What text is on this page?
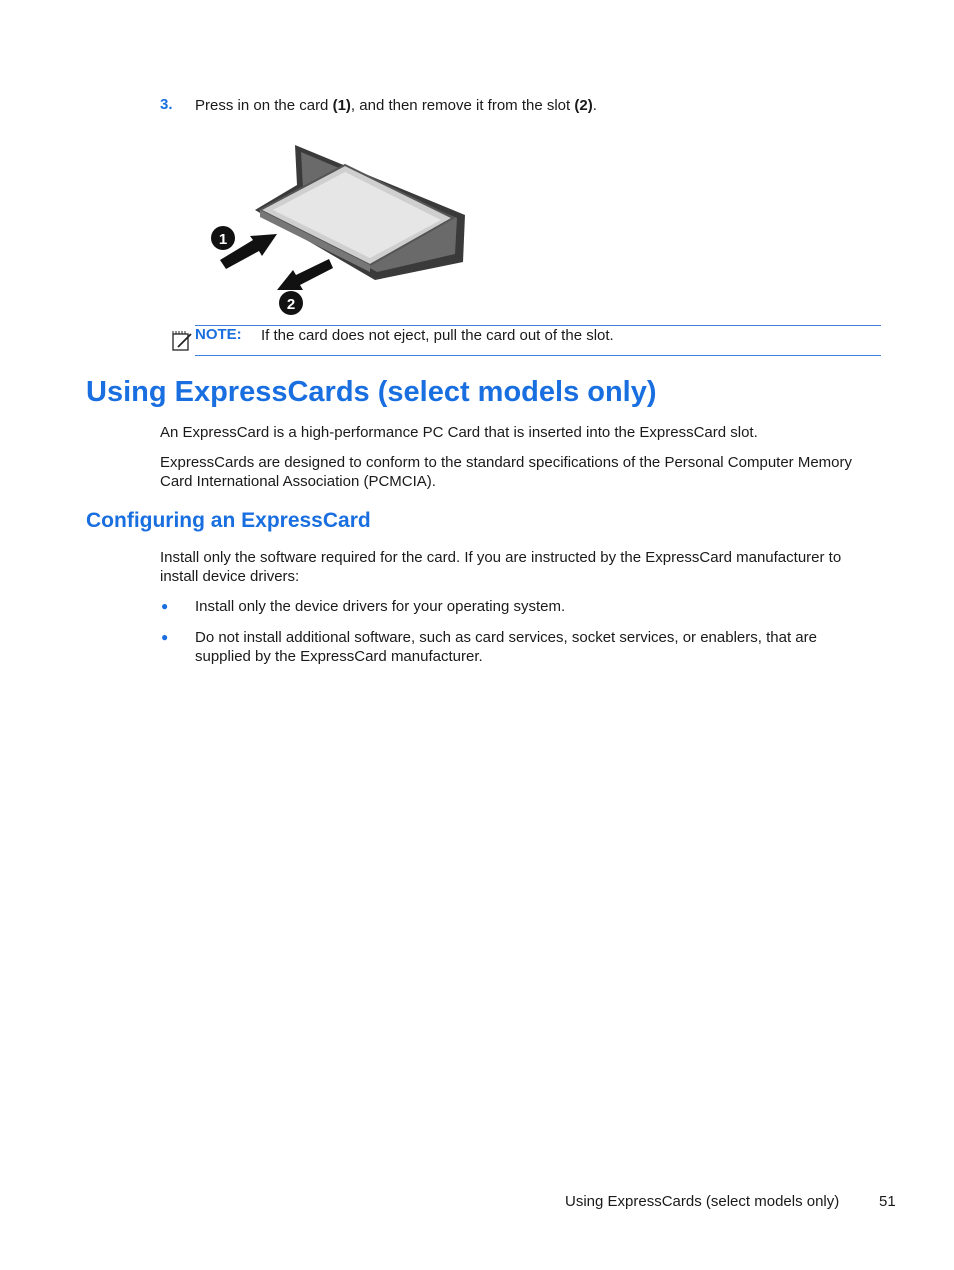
3. Press in on the card (1), and then remove it from the slot (2).
1
2
NOTE: If the card does not eject, pull the card out of the slot.
Using ExpressCards (select models only)
An ExpressCard is a high-performance PC Card that is inserted into the ExpressCard slot.
ExpressCards are designed to conform to the standard specifications of the Personal Computer Memory Card International Association (PCMCIA).
Configuring an ExpressCard
Install only the software required for the card. If you are instructed by the ExpressCard manufacturer to install device drivers:
● Install only the device drivers for your operating system.
● Do not install additional software, such as card services, socket services, or enablers, that are supplied by the ExpressCard manufacturer.
Using ExpressCards (select models only)	51
